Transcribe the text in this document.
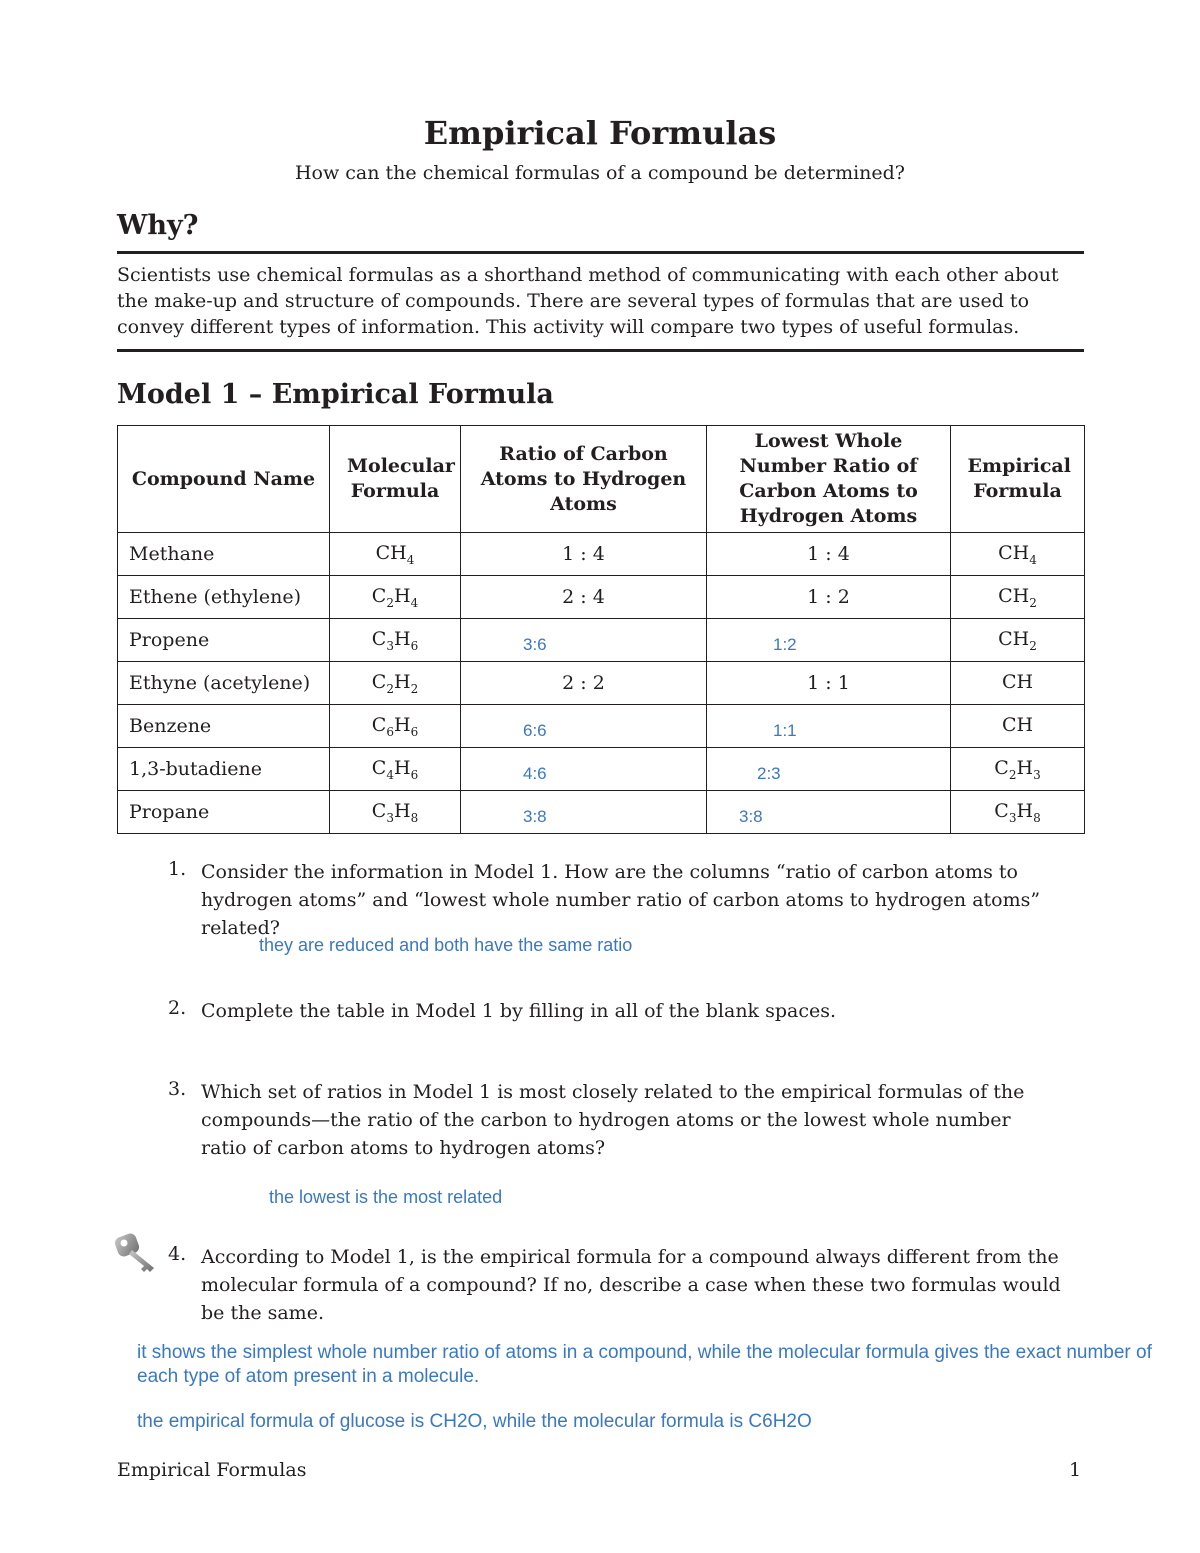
Empirical Formulas
How can the chemical formulas of a compound be determined?
Why?
Scientists use chemical formulas as a shorthand method of communicating with each other about the make-up and structure of compounds. There are several types of formulas that are used to convey different types of information. This activity will compare two types of useful formulas.
Model 1 – Empirical Formula
Compound Name	Molecular Formula	Ratio of Carbon Atoms to Hydrogen Atoms	Lowest Whole Number Ratio of Carbon Atoms to Hydrogen Atoms	Empirical Formula

Methane	$CH_4$	1 : 4	1 : 4	$CH_4$
Ethene (ethylene)	$C_2H_4$	2 : 4	1 : 2	$CH_2$
Propene	$C_3H_6$	3:6	1:2	$CH_2$
Ethyne (acetylene)	$C_2H_2$	2 : 2	1 : 1	CH
Benzene	$C_6H_6$	6:6	1:1	CH
1,3-butadiene	$C_4H_6$	4:6	2:3	$C_2H_3$
Propane	$C_3H_8$	3:8	3:8	$C_3H_8$
1. Consider the information in Model 1. How are the columns “ratio of carbon atoms to hydrogen atoms” and “lowest whole number ratio of carbon atoms to hydrogen atoms” related?
they are reduced and both have the same ratio
2. Complete the table in Model 1 by filling in all of the blank spaces.
3. Which set of ratios in Model 1 is most closely related to the empirical formulas of the compounds—the ratio of the carbon to hydrogen atoms or the lowest whole number ratio of carbon atoms to hydrogen atoms?
the lowest is the most related
4. According to Model 1, is the empirical formula for a compound always different from the molecular formula of a compound? If no, describe a case when these two formulas would be the same.
it shows the simplest whole number ratio of atoms in a compound, while the molecular formula gives the exact number of each type of atom present in a molecule.
the empirical formula of glucose is CH2O, while the molecular formula is C6H2O
Empirical Formulas	1
